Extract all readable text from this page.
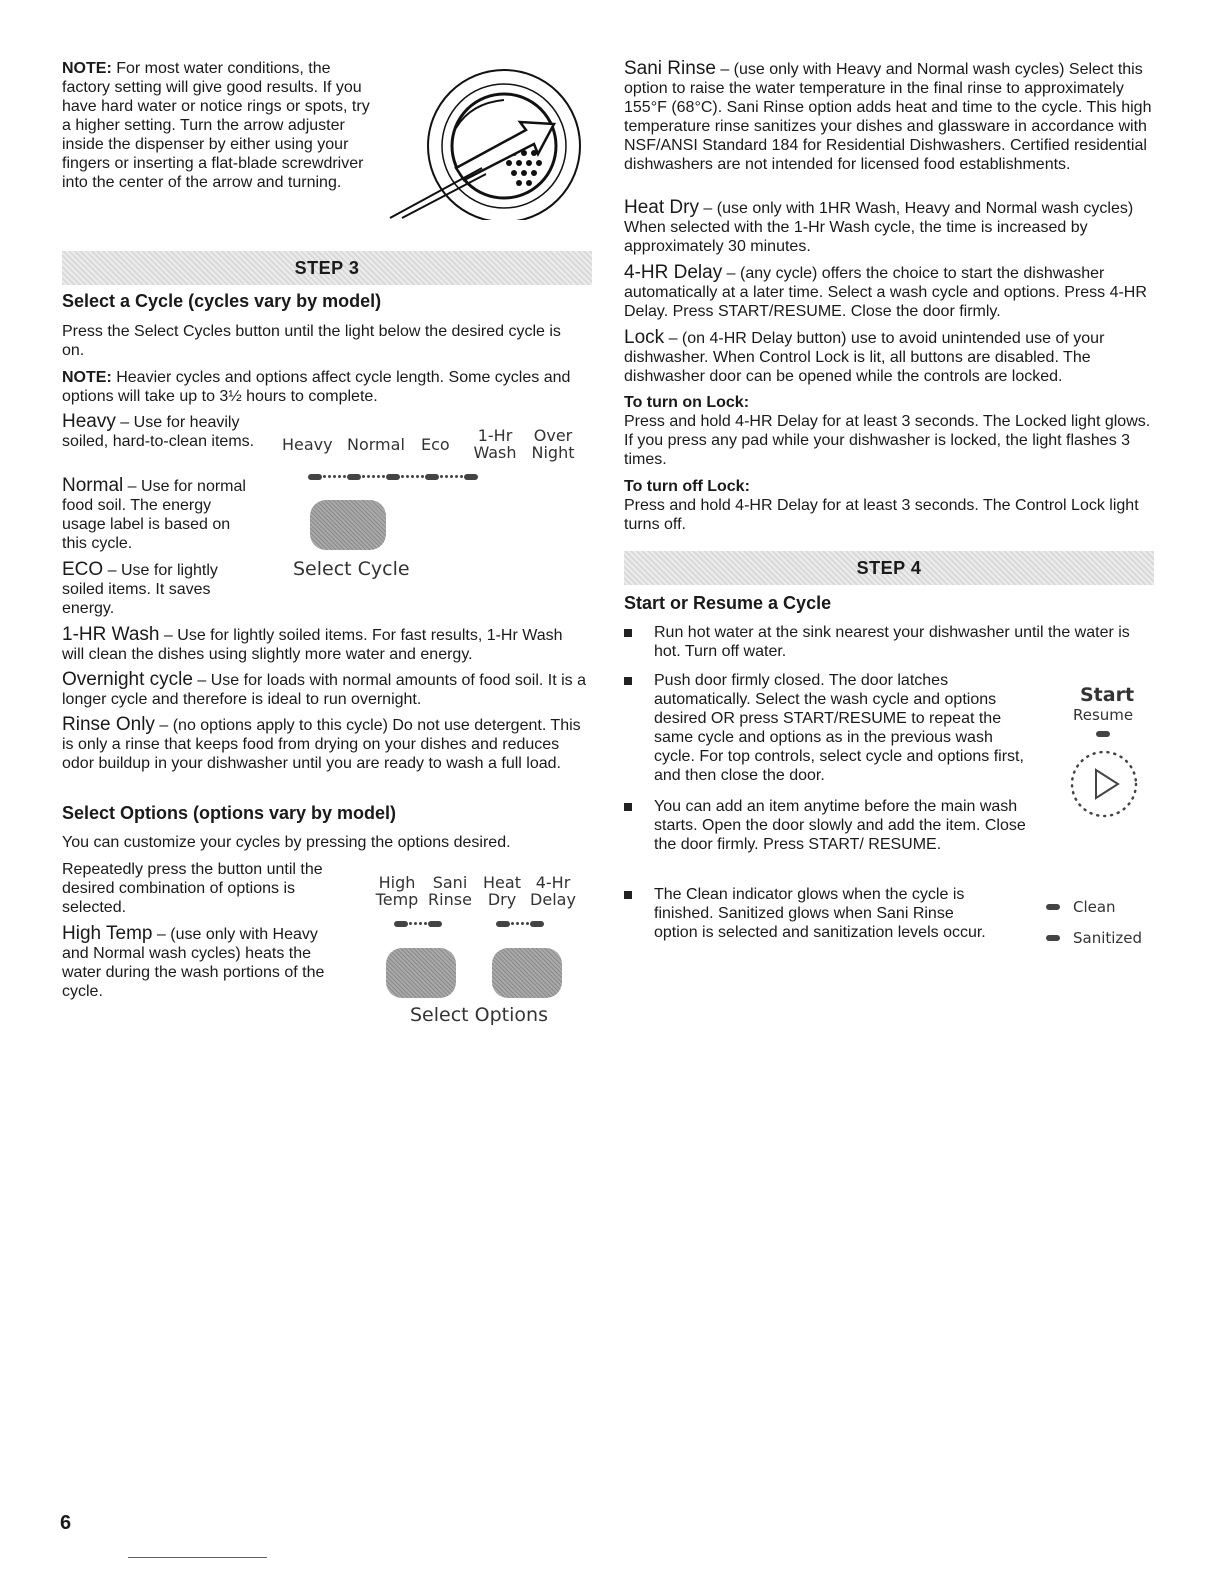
NOTE: For most water conditions, the factory setting will give good results. If you have hard water or notice rings or spots, try a higher setting. Turn the arrow adjuster inside the dispenser by either using your fingers or inserting a flat-blade screwdriver into the center of the arrow and turning.

STEP 3
Select a Cycle (cycles vary by model)

Press the Select Cycles button until the light below the desired cycle is on.

NOTE: Heavier cycles and options affect cycle length. Some cycles and options will take up to 3½ hours to complete.

Heavy – Use for heavily soiled, hard-to-clean items.

Normal – Use for normal food soil. The energy usage label is based on this cycle.

ECO – Use for lightly soiled items. It saves energy.

Heavy Normal Eco	1-Hr
Wash
Over
Night
Select Cycle

1-HR Wash – Use for lightly soiled items. For fast results, 1-Hr Wash will clean the dishes using slightly more water and energy.

Overnight cycle – Use for loads with normal amounts of food soil. It is a longer cycle and therefore is ideal to run overnight.

Rinse Only – (no options apply to this cycle) Do not use detergent. This is only a rinse that keeps food from drying on your dishes and reduces odor buildup in your dishwasher until you are ready to wash a full load.

Select Options (options vary by model)

You can customize your cycles by pressing the options desired.

Repeatedly press the button until the desired combination of options is selected.

High Temp – (use only with Heavy and Normal wash cycles) heats the water during the wash portions of the cycle.

High
Temp
Sani
Rinse
Heat
Dry
4-Hr
Delay
Select Options

Sani Rinse – (use only with Heavy and Normal wash cycles) Select this option to raise the water temperature in the final rinse to approximately 155°F (68°C). Sani Rinse option adds heat and time to the cycle. This high temperature rinse sanitizes your dishes and glassware in accordance with NSF/ANSI Standard 184 for Residential Dishwashers. Certified residential dishwashers are not intended for licensed food establishments.

Heat Dry – (use only with 1HR Wash, Heavy and Normal wash cycles) When selected with the 1-Hr Wash cycle, the time is increased by approximately 30 minutes.

4-HR Delay – (any cycle) offers the choice to start the dishwasher automatically at a later time. Select a wash cycle and options. Press 4-HR Delay. Press START/RESUME. Close the door firmly.

Lock – (on 4-HR Delay button) use to avoid unintended use of your dishwasher. When Control Lock is lit, all buttons are disabled. The dishwasher door can be opened while the controls are locked.

To turn on Lock:

Press and hold 4-HR Delay for at least 3 seconds. The Locked light glows. If you press any pad while your dishwasher is locked, the light flashes 3 times.

To turn off Lock:

Press and hold 4-HR Delay for at least 3 seconds. The Control Lock light turns off.

STEP 4
Start or Resume a Cycle

Run hot water at the sink nearest your dishwasher until the water is hot. Turn off water.

Push door firmly closed. The door latches automatically. Select the wash cycle and options desired OR press START/RESUME to repeat the same cycle and options as in the previous wash cycle. For top controls, select cycle and options first, and then close the door.

You can add an item anytime before the main wash starts. Open the door slowly and add the item. Close the door firmly. Press START/ RESUME.

The Clean indicator glows when the cycle is finished. Sanitized glows when Sani Rinse option is selected and sanitization levels occur.

Start
Resume
Clean
Sanitized
6
